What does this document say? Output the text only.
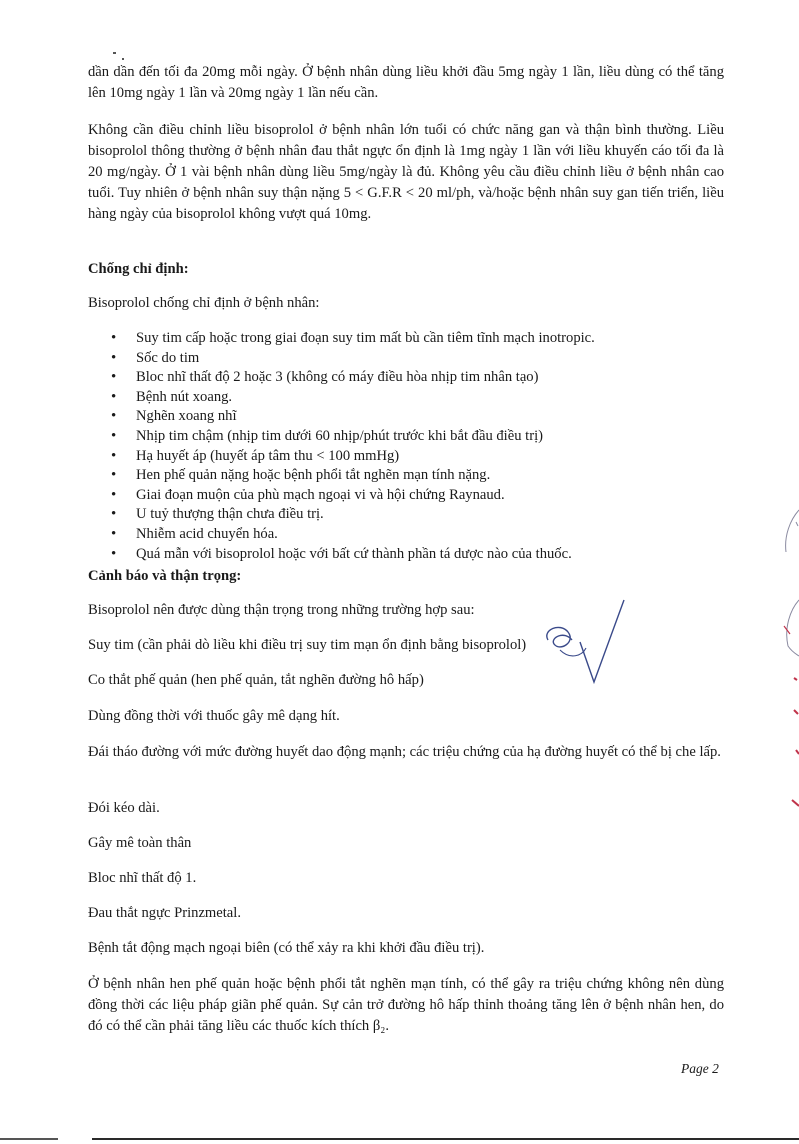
dần dần đến tối đa 20mg mỗi ngày. Ở bệnh nhân dùng liều khởi đầu 5mg ngày 1 lần, liều dùng có thể tăng lên 10mg ngày 1 lần và 20mg ngày 1 lần nếu cần.

Không cần điều chỉnh liều bisoprolol ở bệnh nhân lớn tuổi có chức năng gan và thận bình thường. Liều bisoprolol thông thường ở bệnh nhân đau thắt ngực ổn định là 1mg ngày 1 lần với liều khuyến cáo tối đa là 20 mg/ngày. Ở 1 vài bệnh nhân dùng liều 5mg/ngày là đủ. Không yêu cầu điều chỉnh liều ở bệnh nhân cao tuổi. Tuy nhiên ở bệnh nhân suy thận nặng 5 < G.F.R < 20 ml/ph, và/hoặc bệnh nhân suy gan tiến triển, liều hàng ngày của bisoprolol không vượt quá 10mg.

Chống chỉ định:

Bisoprolol chống chỉ định ở bệnh nhân:

• Suy tim cấp hoặc trong giai đoạn suy tim mất bù cần tiêm tĩnh mạch inotropic.
• Sốc do tim
• Bloc nhĩ thất độ 2 hoặc 3 (không có máy điều hòa nhịp tim nhân tạo)
• Bệnh nút xoang.
• Nghẽn xoang nhĩ
• Nhịp tim chậm (nhịp tim dưới 60 nhịp/phút trước khi bắt đầu điều trị)
• Hạ huyết áp (huyết áp tâm thu < 100 mmHg)
• Hen phế quản nặng hoặc bệnh phổi tắt nghẽn mạn tính nặng.
• Giai đoạn muộn của phù mạch ngoại vi và hội chứng Raynaud.
• U tuỷ thượng thận chưa điều trị.
• Nhiễm acid chuyển hóa.
• Quá mẫn với bisoprolol hoặc với bất cứ thành phần tá dược nào của thuốc.

Cảnh báo và thận trọng:

Bisoprolol nên được dùng thận trọng trong những trường hợp sau:

Suy tim (cần phải dò liều khi điều trị suy tim mạn ổn định bằng bisoprolol)

Co thắt phế quản (hen phế quản, tắt nghẽn đường hô hấp)

Dùng đồng thời với thuốc gây mê dạng hít.

Đái tháo đường với mức đường huyết dao động mạnh; các triệu chứng của hạ đường huyết có thể bị che lấp.

Đói kéo dài.

Gây mê toàn thân

Bloc nhĩ thất độ 1.

Đau thắt ngực Prinzmetal.

Bệnh tắt động mạch ngoại biên (có thể xảy ra khi khởi đầu điều trị).

Ở bệnh nhân hen phế quản hoặc bệnh phổi tắt nghẽn mạn tính, có thể gây ra triệu chứng không nên dùng đồng thời các liệu pháp giãn phế quản. Sự cản trở đường hô hấp thỉnh thoảng tăng lên ở bệnh nhân hen, do đó có thể cần phải tăng liều các thuốc kích thích β₂.

Page 2
